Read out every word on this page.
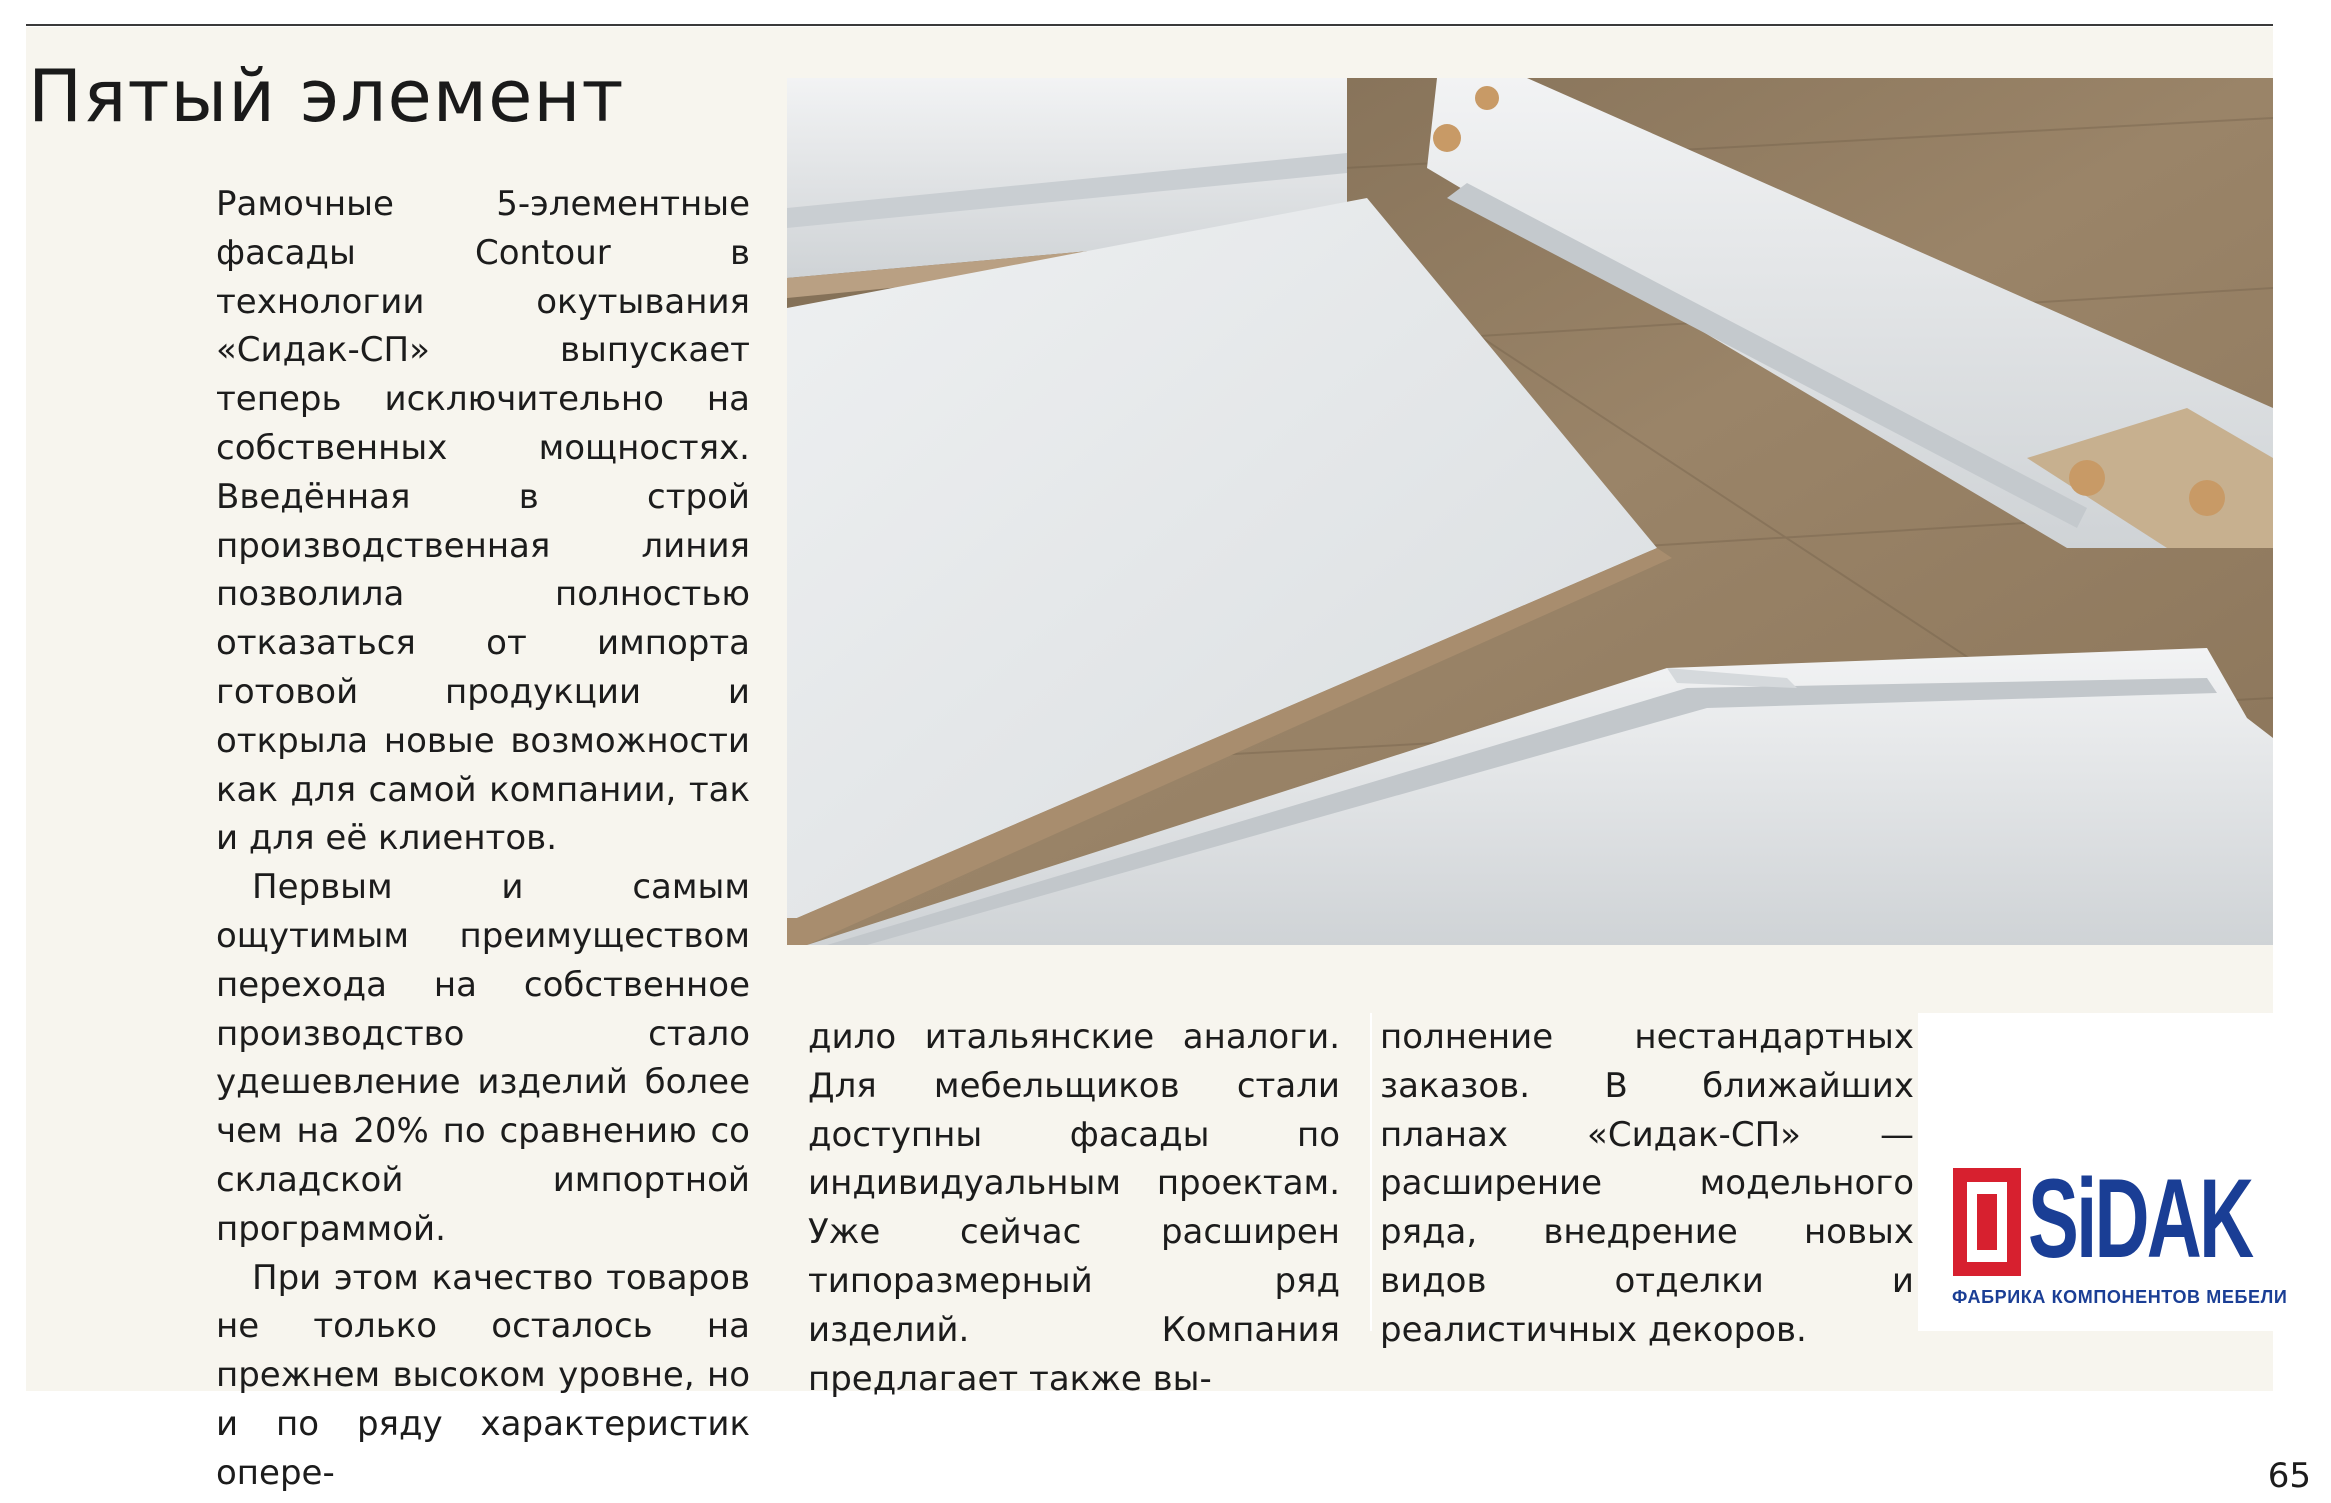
Пятый элемент

Рамочные 5-элементные фасады Contour в технологии окутывания «Сидак-СП» выпускает теперь исключительно на собственных мощностях. Введённая в строй производственная линия позволила полностью отказаться от импорта готовой продукции и открыла новые возможности как для самой компании, так и для её клиентов.

Первым и самым ощутимым преимуществом перехода на собственное производство стало удешевление изделий более чем на 20% по сравнению со складской импортной программой.

При этом качество товаров не только осталось на прежнем высоком уровне, но и по ряду характеристик опере-

дило итальянские аналоги. Для мебельщиков стали доступны фасады по индивидуальным проектам. Уже сейчас расширен типоразмерный ряд изделий. Компания предлагает также вы-

полнение нестандартных заказов. В ближайших планах «Сидак-СП» — расширение модельного ряда, внедрение новых видов отделки и реалистичных декоров.

SiDAK
ФАБРИКА КОМПОНЕНТОВ МЕБЕЛИ
65
